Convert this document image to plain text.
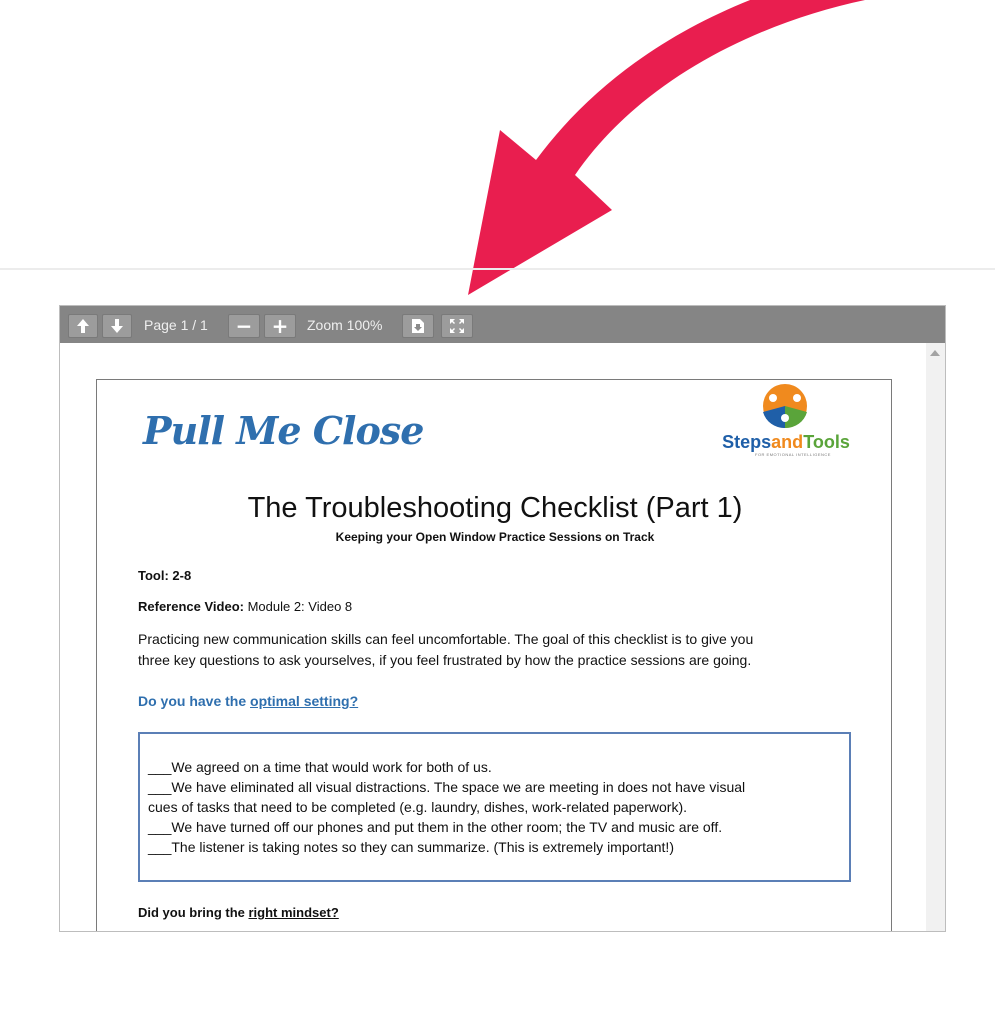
Page 1 / 1 − + Zoom 100%
Pull Me Close	StepsandTools
FOR EMOTIONAL INTELLIGENCE
The Troubleshooting Checklist (Part 1)
Keeping your Open Window Practice Sessions on Track
Tool: 2-8
Reference Video: Module 2: Video 8
Practicing new communication skills can feel uncomfortable. The goal of this checklist is to give you
three key questions to ask yourselves, if you feel frustrated by how the practice sessions are going.
Do you have the optimal setting?
___We agreed on a time that would work for both of us.
___We have eliminated all visual distractions. The space we are meeting in does not have visual
cues of tasks that need to be completed (e.g. laundry, dishes, work-related paperwork).
___We have turned off our phones and put them in the other room; the TV and music are off.
___The listener is taking notes so they can summarize. (This is extremely important!)
Did you bring the right mindset?
